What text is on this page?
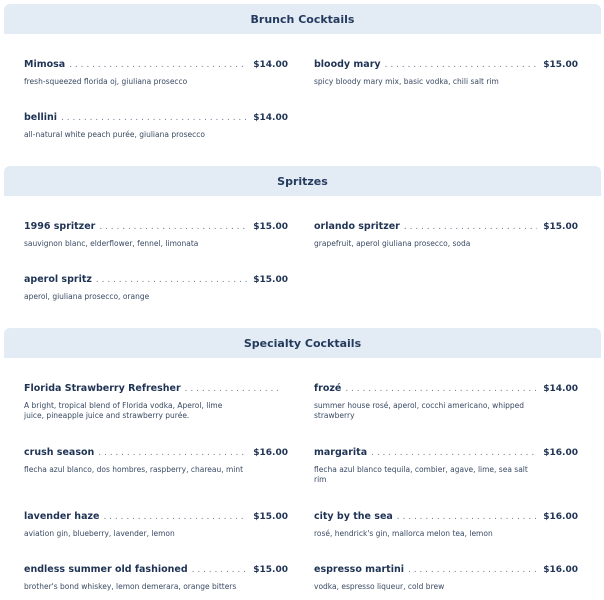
Brunch Cocktails
Mimosa . . .	$14.00
fresh-squeezed florida oj, giuliana prosecco
bloody mary . . .	$15.00
spicy bloody mary mix, basic vodka, chili salt rim
bellini . . .	$14.00
all-natural white peach purée, giuliana prosecco
Spritzes
1996 spritzer . . .	$15.00
sauvignon blanc, elderflower, fennel, limonata
orlando spritzer . . .	$15.00
grapefruit, aperol giuliana prosecco, soda
aperol spritz . . .	$15.00
aperol, giuliana prosecco, orange
Specialty Cocktails
Florida Strawberry Refresher
. . .
A bright, tropical blend of Florida vodka, Aperol, lime juice, pineapple juice and strawberry purée.
frozé . . .	$14.00
summer house rosé, aperol, cocchi americano, whipped strawberry
crush season . . .	$16.00
flecha azul blanco, dos hombres, raspberry, chareau, mint
margarita . . .	$16.00
flecha azul blanco tequila, combier, agave, lime, sea salt rim
lavender haze . . .	$15.00
aviation gin, blueberry, lavender, lemon
city by the sea . . .	$16.00
rosé, hendrick's gin, mallorca melon tea, lemon
endless summer old fashioned . . .	$15.00
brother's bond whiskey, lemon demerara, orange bitters
espresso martini . . .	$16.00
vodka, espresso liqueur, cold brew
